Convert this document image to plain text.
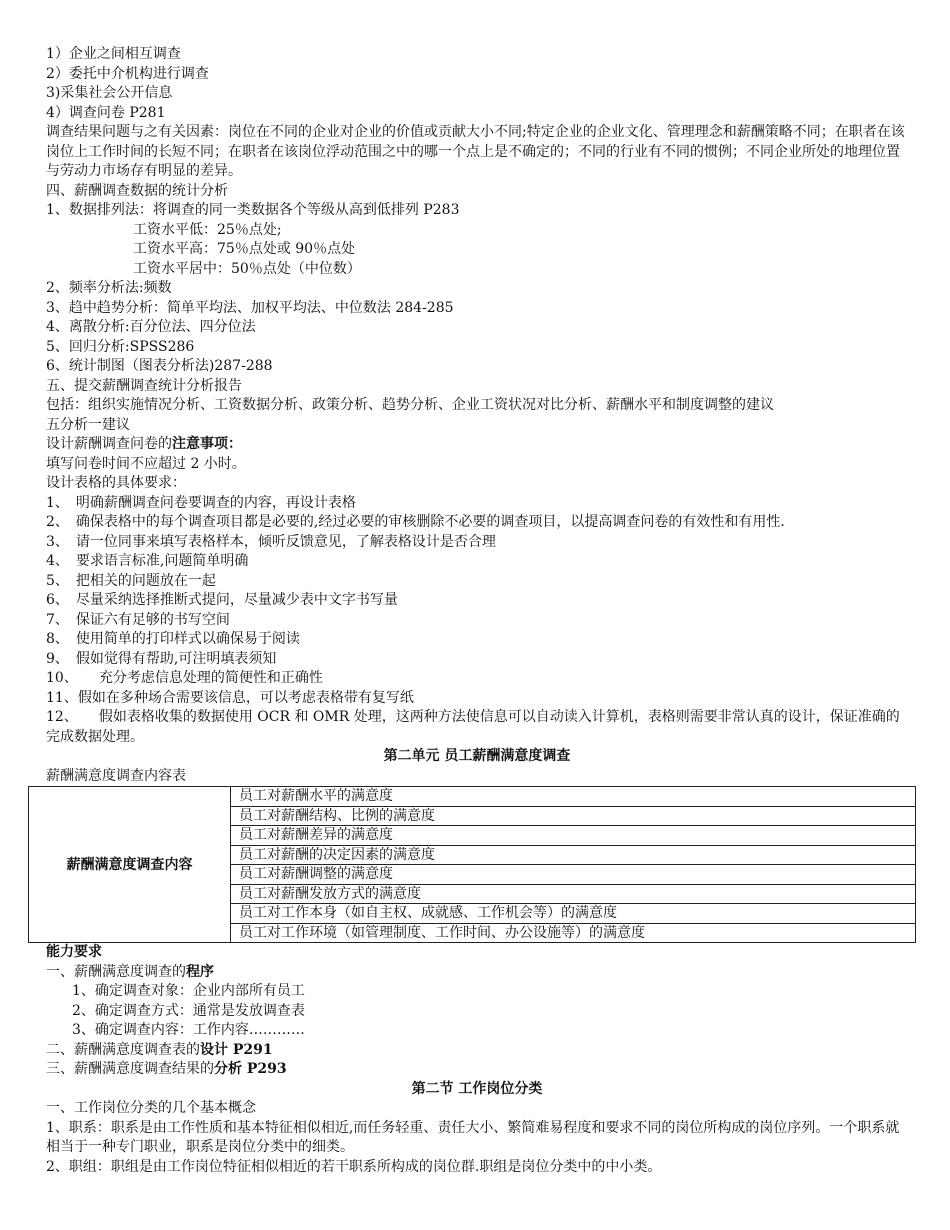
1）企业之间相互调查

2）委托中介机构进行调查

3)采集社会公开信息

4）调查问卷 P281

调查结果问题与之有关因素：岗位在不同的企业对企业的价值或贡献大小不同;特定企业的企业文化、管理理念和薪酬策略不同；在职者在该岗位上工作时间的长短不同；在职者在该岗位浮动范围之中的哪一个点上是不确定的；不同的行业有不同的惯例；不同企业所处的地理位置与劳动力市场存有明显的差异。

四、薪酬调查数据的统计分析

1、数据排列法：将调查的同一类数据各个等级从高到低排列 P283

工资水平低：25％点处;

工资水平高：75％点处或 90％点处

工资水平居中：50％点处（中位数）

2、频率分析法:频数

3、趋中趋势分析：简单平均法、加权平均法、中位数法 284-285

4、离散分析:百分位法、四分位法

5、回归分析:SPSS286

6、统计制图（图表分析法)287-288

五、提交薪酬调查统计分析报告

包括：组织实施情况分析、工资数据分析、政策分析、趋势分析、企业工资状况对比分析、薪酬水平和制度调整的建议

五分析一建议

设计薪酬调查问卷的注意事项：

填写问卷时间不应超过 2 小时。

设计表格的具体要求：

1、　明确薪酬调查问卷要调查的内容，再设计表格

2、　确保表格中的每个调查项目都是必要的,经过必要的审核删除不必要的调查项目，以提高调查问卷的有效性和有用性.

3、　请一位同事来填写表格样本，倾听反馈意见，了解表格设计是否合理

4、　要求语言标准,问题简单明确

5、　把相关的问题放在一起

6、　尽量采纳选择推断式提问，尽量减少表中文字书写量

7、　保证六有足够的书写空间

8、　使用简单的打印样式以确保易于阅读

9、　假如觉得有帮助,可注明填表须知

10、　　充分考虑信息处理的简便性和正确性

11、假如在多种场合需要该信息，可以考虑表格带有复写纸

12、　　假如表格收集的数据使用 OCR 和 OMR 处理，这两种方法使信息可以自动读入计算机，表格则需要非常认真的设计，保证准确的完成数据处理。

第二单元 员工薪酬满意度调查

薪酬满意度调查内容表

薪酬满意度调查内容	员工对薪酬水平的满意度
员工对薪酬结构、比例的满意度
员工对薪酬差异的满意度
员工对薪酬的决定因素的满意度
员工对薪酬调整的满意度
员工对薪酬发放方式的满意度
员工对工作本身（如自主权、成就感、工作机会等）的满意度
员工对工作环境（如管理制度、工作时间、办公设施等）的满意度

能力要求

一、薪酬满意度调查的程序

1、确定调查对象：企业内部所有员工

2、确定调查方式：通常是发放调查表

3、确定调查内容：工作内容…………

二、薪酬满意度调查表的设计 P291

三、薪酬满意度调查结果的分析 P293

第二节 工作岗位分类

一、工作岗位分类的几个基本概念

1、职系：职系是由工作性质和基本特征相似相近,而任务轻重、责任大小、繁简难易程度和要求不同的岗位所构成的岗位序列。一个职系就相当于一种专门职业，职系是岗位分类中的细类。

2、职组：职组是由工作岗位特征相似相近的若干职系所构成的岗位群.职组是岗位分类中的中小类。
